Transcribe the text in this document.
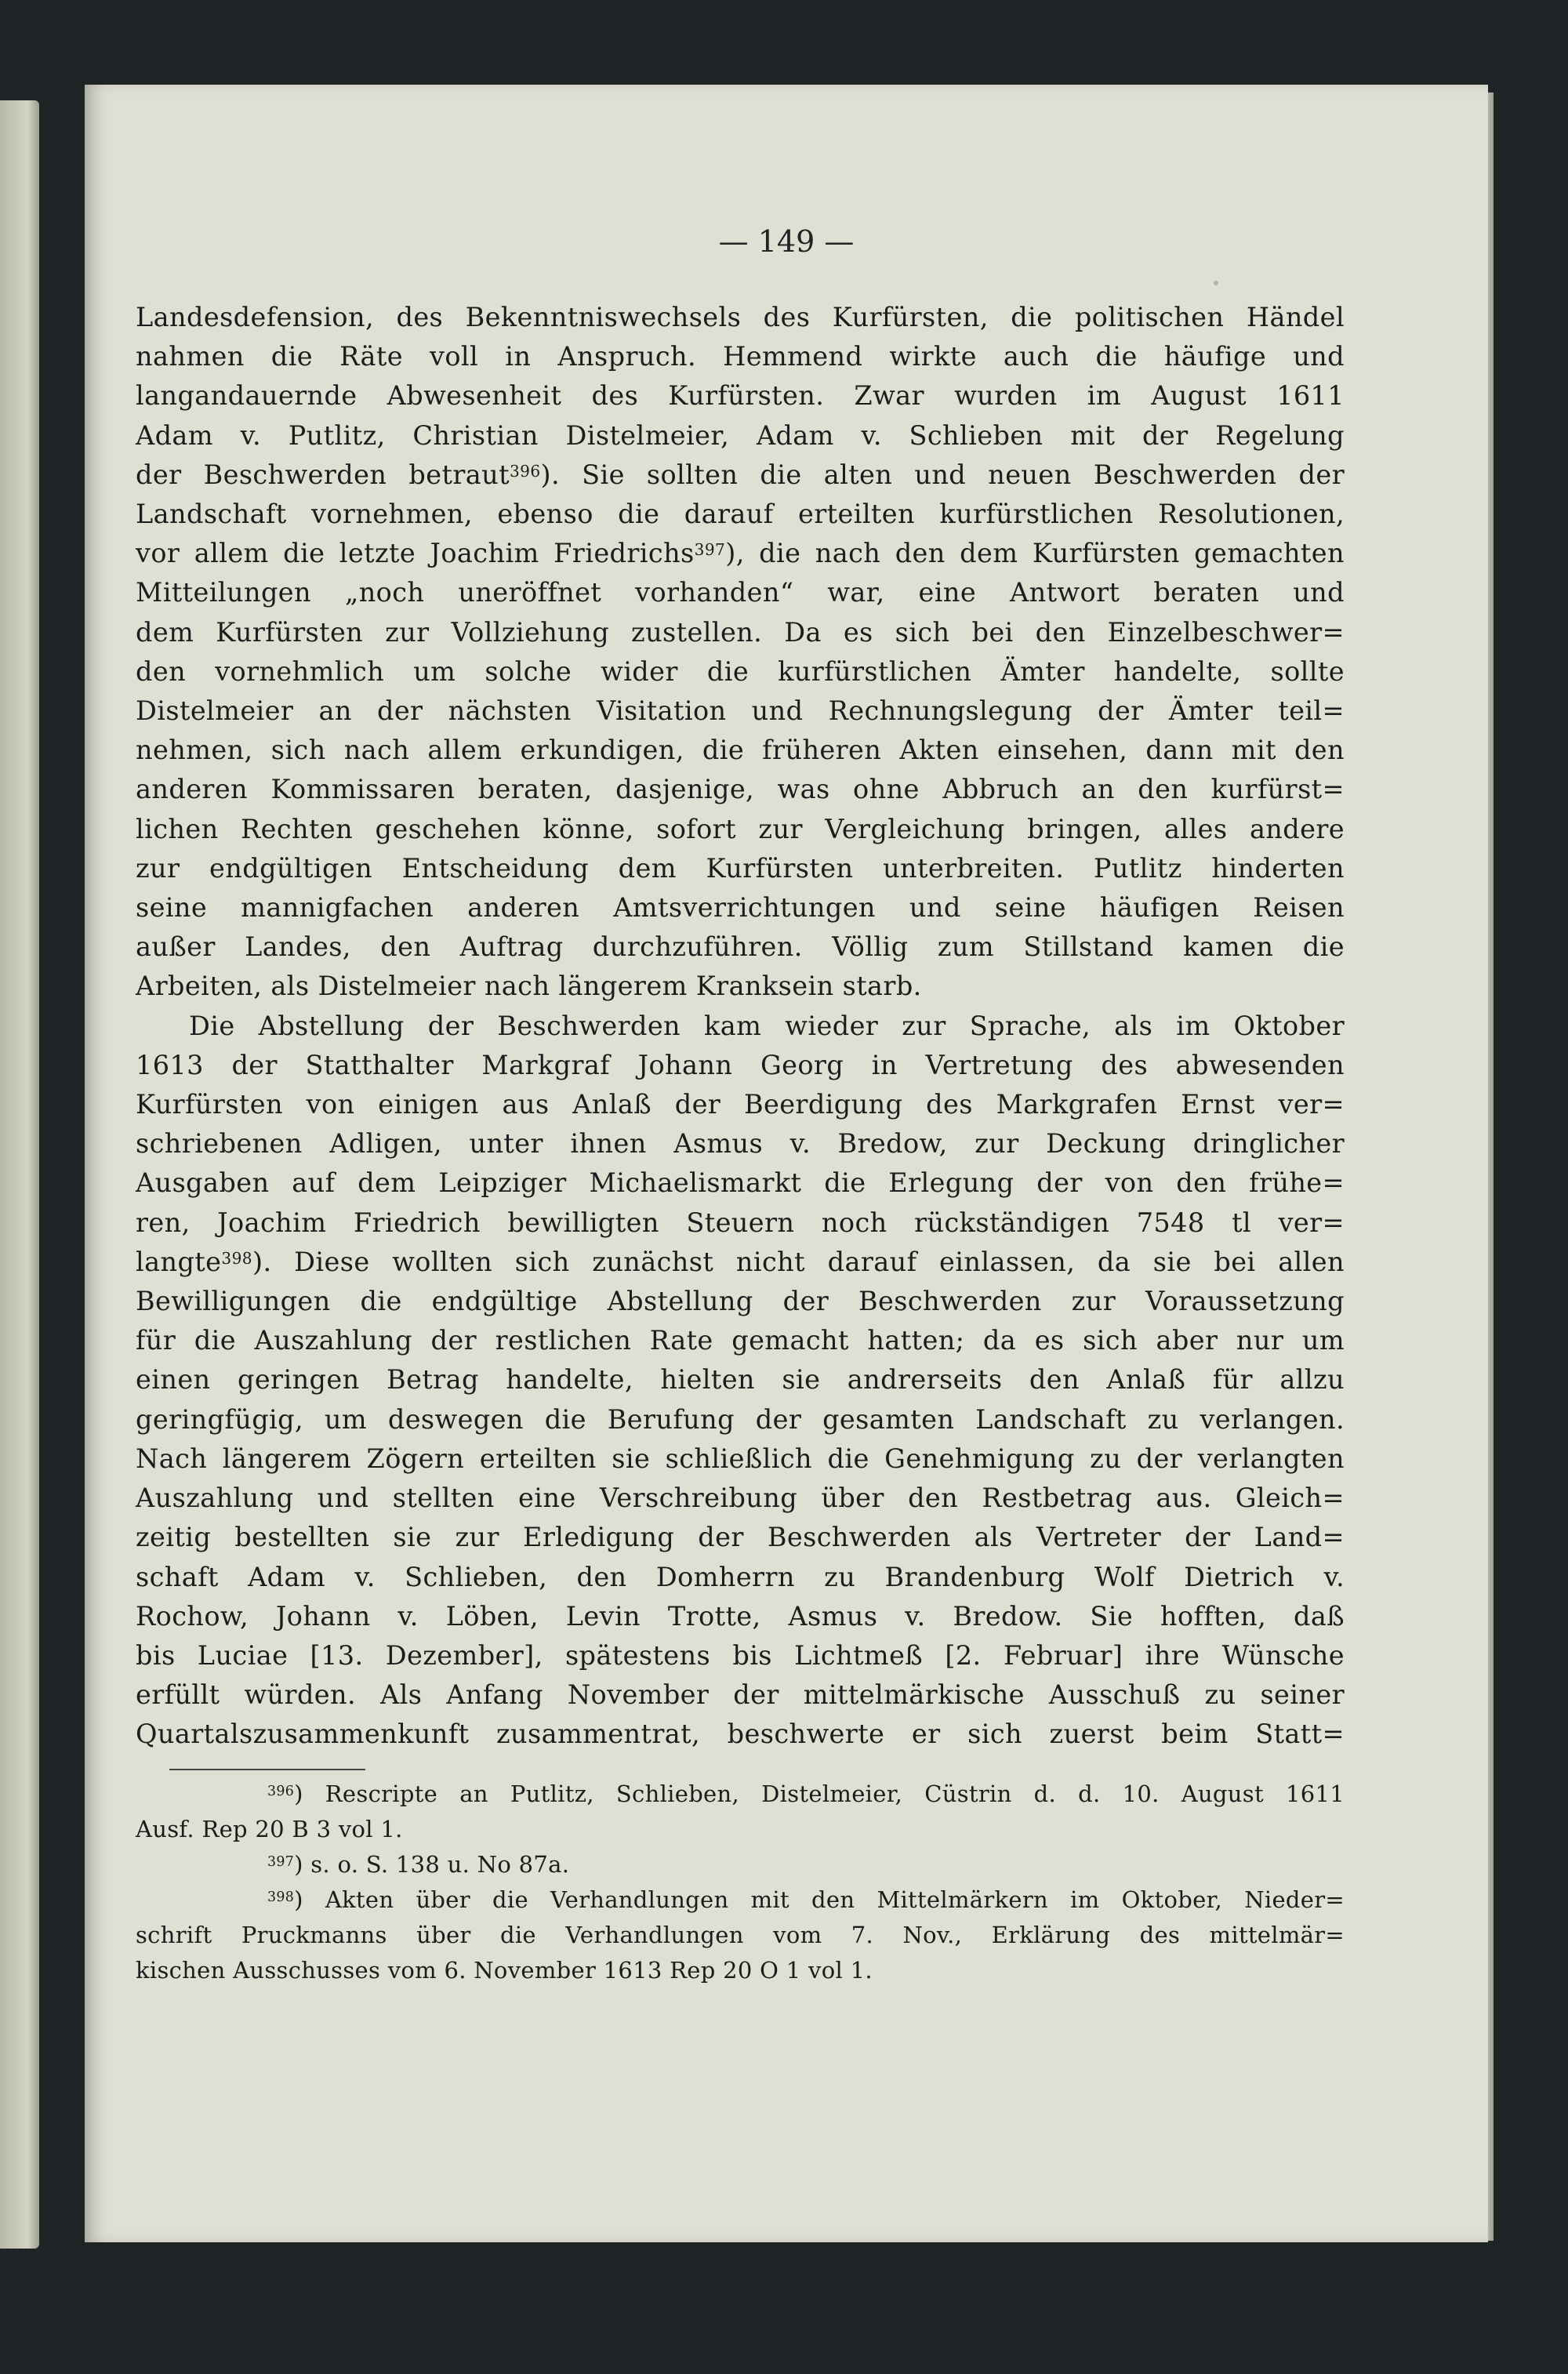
— 149 —

Landesdefension, des Bekenntniswechsels des Kurfürsten, die politischen Händel
nahmen die Räte voll in Anspruch. Hemmend wirkte auch die häufige und
langandauernde Abwesenheit des Kurfürsten. Zwar wurden im August 1611
Adam v. Putlitz, Christian Distelmeier, Adam v. Schlieben mit der Regelung
der Beschwerden betraut$^{396}$). Sie sollten die alten und neuen Beschwerden der
Landschaft vornehmen, ebenso die darauf erteilten kurfürstlichen Resolutionen,
vor allem die letzte Joachim Friedrichs$^{397}$), die nach den dem Kurfürsten gemachten
Mitteilungen „noch uneröffnet vorhanden“ war, eine Antwort beraten und
dem Kurfürsten zur Vollziehung zustellen. Da es sich bei den Einzelbeschwer=
den vornehmlich um solche wider die kurfürstlichen Ämter handelte, sollte
Distelmeier an der nächsten Visitation und Rechnungslegung der Ämter teil=
nehmen, sich nach allem erkundigen, die früheren Akten einsehen, dann mit den
anderen Kommissaren beraten, dasjenige, was ohne Abbruch an den kurfürst=
lichen Rechten geschehen könne, sofort zur Vergleichung bringen, alles andere
zur endgültigen Entscheidung dem Kurfürsten unterbreiten. Putlitz hinderten
seine mannigfachen anderen Amtsverrichtungen und seine häufigen Reisen
außer Landes, den Auftrag durchzuführen. Völlig zum Stillstand kamen die
Arbeiten, als Distelmeier nach längerem Kranksein starb.

Die Abstellung der Beschwerden kam wieder zur Sprache, als im Oktober
1613 der Statthalter Markgraf Johann Georg in Vertretung des abwesenden
Kurfürsten von einigen aus Anlaß der Beerdigung des Markgrafen Ernst ver=
schriebenen Adligen, unter ihnen Asmus v. Bredow, zur Deckung dringlicher
Ausgaben auf dem Leipziger Michaelismarkt die Erlegung der von den frühe=
ren, Joachim Friedrich bewilligten Steuern noch rückständigen 7548 tl ver=
langte$^{398}$). Diese wollten sich zunächst nicht darauf einlassen, da sie bei allen
Bewilligungen die endgültige Abstellung der Beschwerden zur Voraussetzung
für die Auszahlung der restlichen Rate gemacht hatten; da es sich aber nur um
einen geringen Betrag handelte, hielten sie andrerseits den Anlaß für allzu
geringfügig, um deswegen die Berufung der gesamten Landschaft zu verlangen.
Nach längerem Zögern erteilten sie schließlich die Genehmigung zu der verlangten
Auszahlung und stellten eine Verschreibung über den Restbetrag aus. Gleich=
zeitig bestellten sie zur Erledigung der Beschwerden als Vertreter der Land=
schaft Adam v. Schlieben, den Domherrn zu Brandenburg Wolf Dietrich v.
Rochow, Johann v. Löben, Levin Trotte, Asmus v. Bredow. Sie hofften, daß
bis Luciae [13. Dezember], spätestens bis Lichtmeß [2. Februar] ihre Wünsche
erfüllt würden. Als Anfang November der mittelmärkische Ausschuß zu seiner
Quartalszusammenkunft zusammentrat, beschwerte er sich zuerst beim Statt=

$^{396}$) Rescripte an Putlitz, Schlieben, Distelmeier, Cüstrin d. d. 10. August 1611
Ausf. Rep 20 B 3 vol 1.
$^{397}$) s. o. S. 138 u. No 87a.
$^{398}$) Akten über die Verhandlungen mit den Mittelmärkern im Oktober, Nieder=
schrift Pruckmanns über die Verhandlungen vom 7. Nov., Erklärung des mittelmär=
kischen Ausschusses vom 6. November 1613 Rep 20 O 1 vol 1.
